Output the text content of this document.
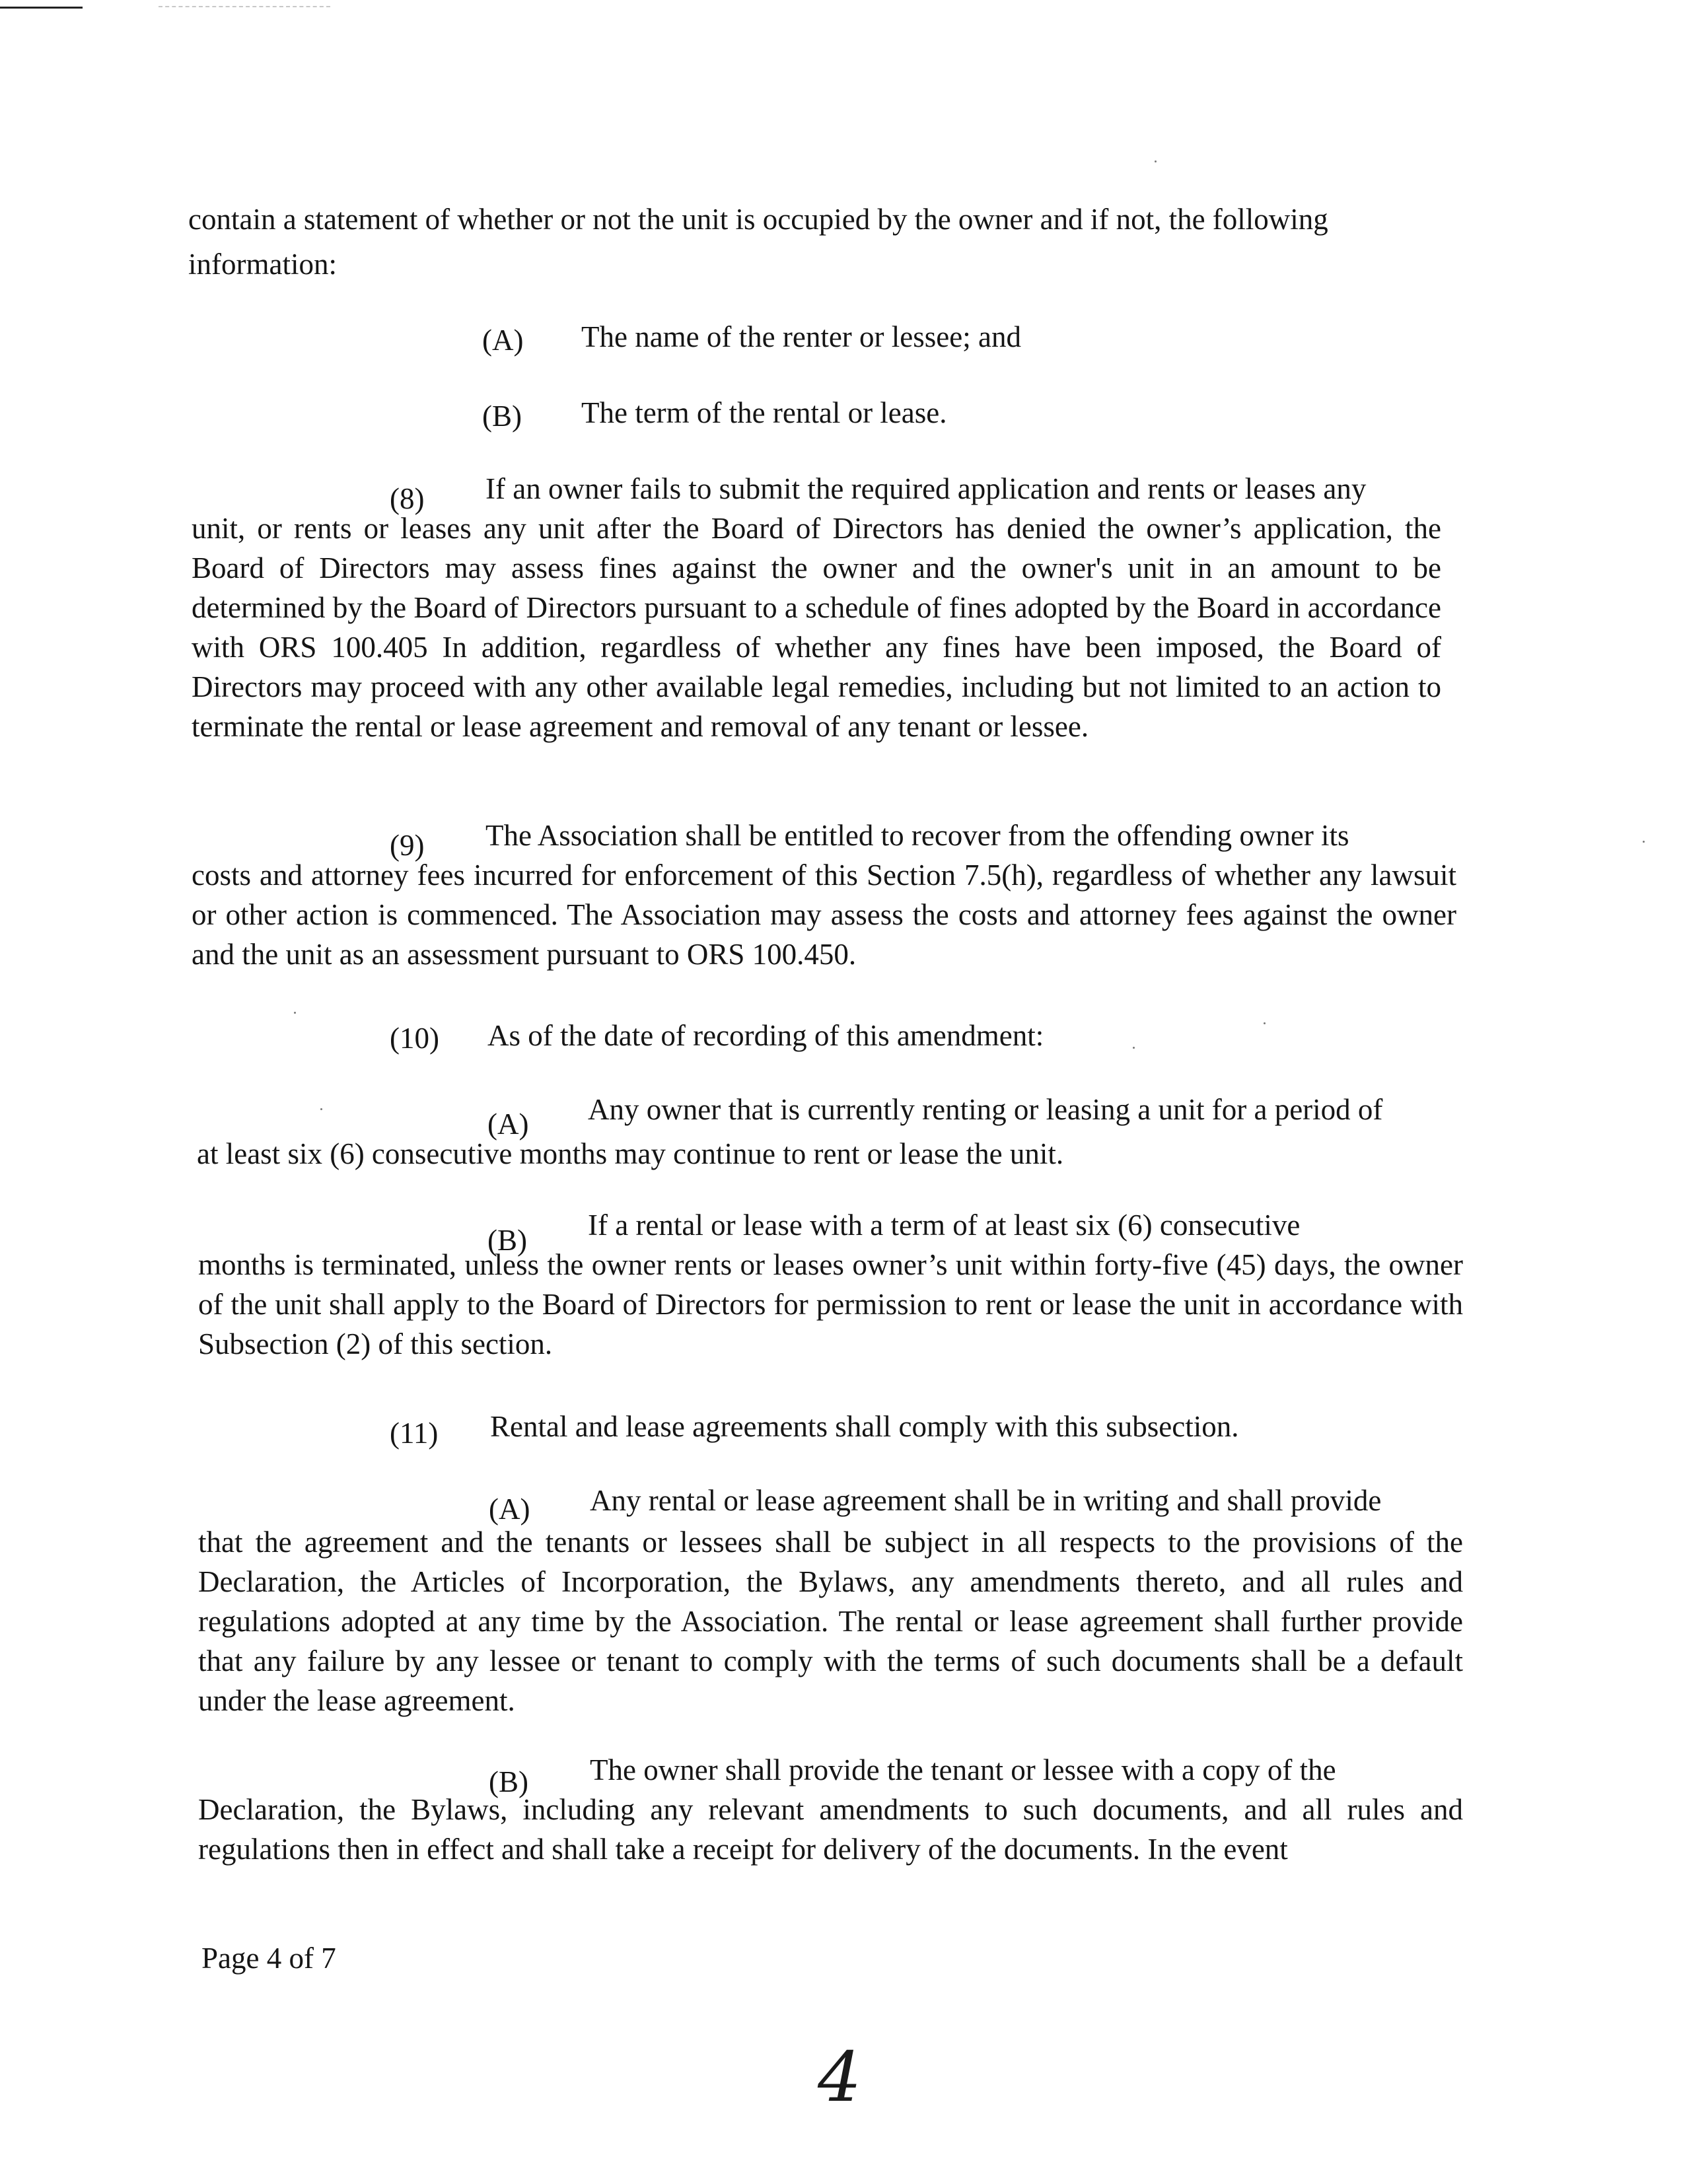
contain a statement of whether or not the unit is occupied by the owner and if not, the following
information:
(A) The name of the renter or lessee; and
(B) The term of the rental or lease.
(8) If an owner fails to submit the required application and rents or leases any
unit, or rents or leases any unit after the Board of Directors has denied the owner’s application, the Board of Directors may assess fines against the owner and the owner's unit in an amount to be determined by the Board of Directors pursuant to a schedule of fines adopted by the Board in accordance with ORS 100.405 In addition, regardless of whether any fines have been imposed, the Board of Directors may proceed with any other available legal remedies, including but not limited to an action to terminate the rental or lease agreement and removal of any tenant or lessee.
(9) The Association shall be entitled to recover from the offending owner its
costs and attorney fees incurred for enforcement of this Section 7.5(h), regardless of whether any lawsuit or other action is commenced. The Association may assess the costs and attorney fees against the owner and the unit as an assessment pursuant to ORS 100.450.
(10) As of the date of recording of this amendment:
(A) Any owner that is currently renting or leasing a unit for a period of
at least six (6) consecutive months may continue to rent or lease the unit.
(B) If a rental or lease with a term of at least six (6) consecutive
months is terminated, unless the owner rents or leases owner’s unit within forty-five (45) days, the owner of the unit shall apply to the Board of Directors for permission to rent or lease the unit in accordance with Subsection (2) of this section.
(11) Rental and lease agreements shall comply with this subsection.
(A) Any rental or lease agreement shall be in writing and shall provide
that the agreement and the tenants or lessees shall be subject in all respects to the provisions of the Declaration, the Articles of Incorporation, the Bylaws, any amendments thereto, and all rules and regulations adopted at any time by the Association. The rental or lease agreement shall further provide that any failure by any lessee or tenant to comply with the terms of such documents shall be a default under the lease agreement.
(B) The owner shall provide the tenant or lessee with a copy of the
Declaration, the Bylaws, including any relevant amendments to such documents, and all rules and regulations then in effect and shall take a receipt for delivery of the documents. In the event
Page 4 of 7
4
